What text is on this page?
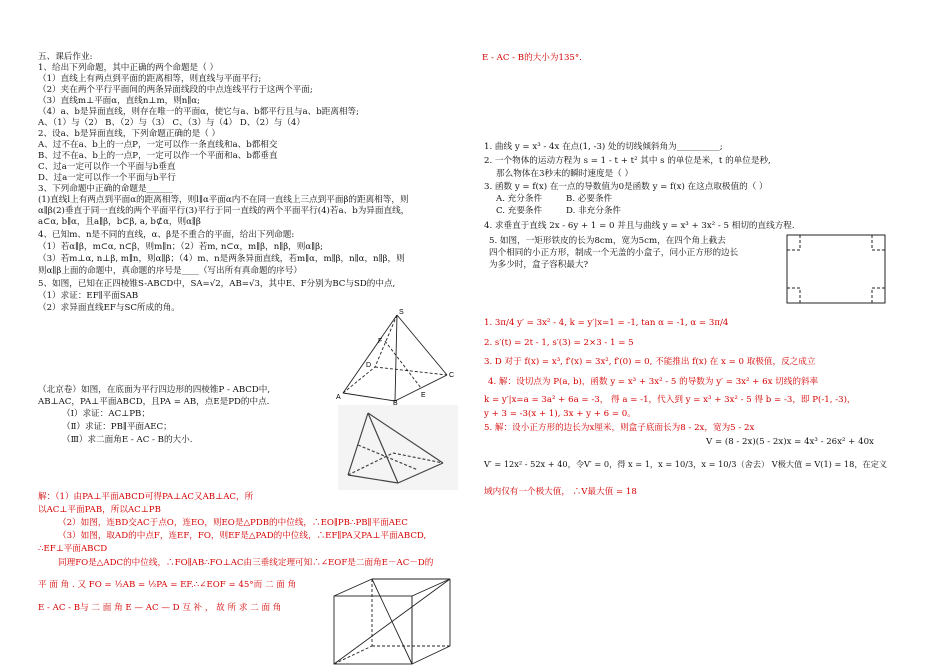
五、课后作业:
1、给出下列命题，其中正确的两个命题是（ ）
（1）直线上有两点到平面的距离相等，则直线与平面平行;
（2）夹在两个平行平面间的两条异面线段的中点连线平行于这两个平面;
（3）直线m⊥平面α，直线n⊥m，则n∥α;
（4）a、b是异面直线，则存在唯一的平面α，使它与a、b都平行且与a、b距离相等;
A、（1）与（2） B、（2）与（3） C、（3）与（4） D、（2）与（4）
2、设a、b是异面直线，下列命题正确的是（ ）
A、过不在a、b上的一点P，一定可以作一条直线和a、b都相交
B、过不在a、b上的一点P，一定可以作一个平面和a、b都垂直
C、过a一定可以作一个平面与b垂直
D、过a一定可以作一个平面与b平行
3、下列命题中正确的命题是______
(1)直线l上有两点到平面α的距离相等，则l∥α平面α内不在同一直线上三点到平面β的距离相等，则
α∥β(2)垂直于同一直线的两个平面平行(3)平行于同一直线的两个平面平行(4)若a、b为异面直线，
a⊂α, b∥α，且a∥β，b⊂β, a, b⊄α，则α∥β
4、已知m、n是不同的直线，α、β是不重合的平面，给出下列命题:
（1）若α∥β，m⊂α, n⊂β，则m∥n；（2）若m, n⊂α，m∥β，n∥β，则α∥β;
（3）若m⊥α, n⊥β, m∥n，则α∥β；（4）m、n是两条异面直线，若m∥α，m∥β，n∥α，n∥β，则
则α∥β上面的命题中，真命题的序号是____（写出所有真命题的序号）
5、如图，已知在正四棱锥S-ABCD中，SA=√2，AB=√3，其中E、F分别为BC与SD的中点,
（1）求证：EF∥平面SAB
（2）求异面直线EF与SC所成的角。	S
A
B
C
D
E
F
（北京卷）如图，在底面为平行四边形的四棱锥P - ABCD中,
AB⊥AC，PA⊥平面ABCD，且PA = AB，点E是PD的中点.
（Ⅰ）求证：AC⊥PB；
（Ⅱ）求证：PB∥平面AEC；
（Ⅲ）求二面角E - AC - B的大小.
解：（1）由PA⊥平面ABCD可得PA⊥AC又AB⊥AC，所
以AC⊥平面PAB，所以AC⊥PB
（2）如图，连BD交AC于点O，连EO，则EO是△PDB的中位线，∴EO∥PB∴PB∥平面AEC
（3）如图，取AD的中点F，连EF，FO，则EF是△PAD的中位线，∴EF∥PA又PA⊥平面ABCD,
∴EF⊥平面ABCD
同理FO是△ADC的中位线，∴FO∥AB∴FO⊥AC由三垂线定理可知∴∠EOF是二面角E－AC－D的
平 面 角 . 又 FO = ½AB = ½PA = EF.∴∠EOF = 45°而 二 面 角
E - AC - B与 二 面 角 E — AC — D 互 补 ， 故 所 求 二 面 角
E - AC - B的大小为135°.
1. 曲线 y = x³ - 4x 在点(1, -3) 处的切线倾斜角为__________;
2. 一个物体的运动方程为 s = 1 - t + t² 其中 s 的单位是米，t 的单位是秒,
那么物体在3秒末的瞬时速度是（ ）
3. 函数 y = f(x) 在一点的导数值为0是函数 y = f(x) 在这点取极值的（ ）
A. 充分条件	B. 必要条件
C. 充要条件	D. 非充分条件
4. 求垂直于直线 2x - 6y + 1 = 0 并且与曲线 y = x³ + 3x² - 5 相切的直线方程.
5. 如图，一矩形铁皮的长为8cm，宽为5cm，在四个角上截去
四个相同的小正方形，制成一个无盖的小盒子，问小正方形的边长
为多少时，盒子容积最大?
1. 3π/4 y′ = 3x² - 4, k = y′|x=1 = -1, tan α = -1, α = 3π/4
2. s′(t) = 2t - 1, s′(3) = 2×3 - 1 = 5
3. D 对于 f(x) = x³, f′(x) = 3x², f′(0) = 0, 不能推出 f(x) 在 x = 0 取极值，反之成立
4. 解：设切点为 P(a, b)，函数 y = x³ + 3x² - 5 的导数为 y′ = 3x² + 6x 切线的斜率
k = y′|x=a = 3a² + 6a = -3， 得 a = -1，代入到 y = x³ + 3x² - 5 得 b = -3，即 P(-1, -3)，
y + 3 = -3(x + 1), 3x + y + 6 = 0。
5. 解：设小正方形的边长为x厘米，则盒子底面长为8 - 2x，宽为5 - 2x
V = (8 - 2x)(5 - 2x)x = 4x³ - 26x² + 40x
V′ = 12x² - 52x + 40，令V′ = 0，得 x = 1，x = 10/3，x = 10/3（舍去） V极大值 = V(1) = 18，在定义
域内仅有一个极大值， ∴V最大值 = 18
